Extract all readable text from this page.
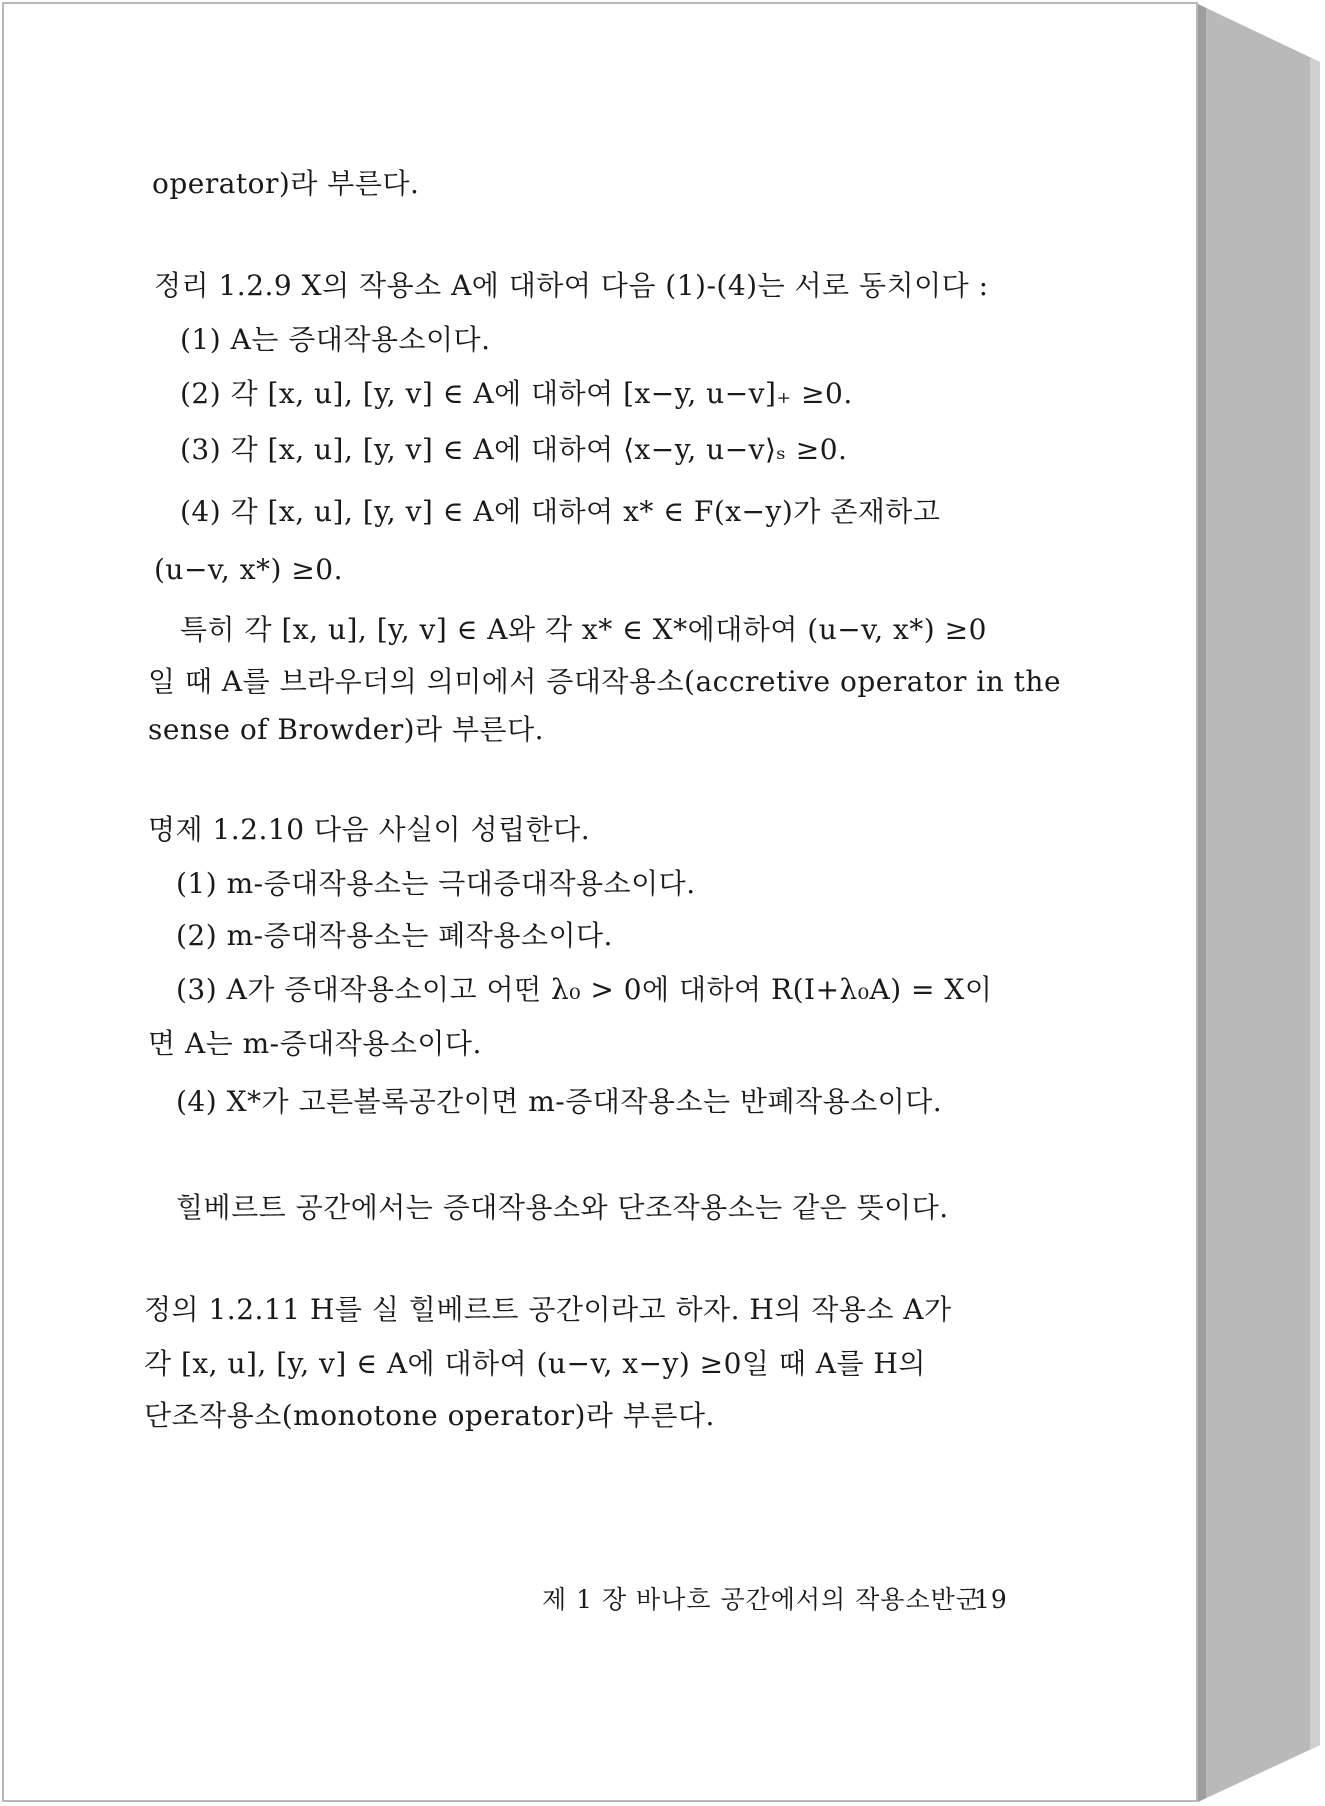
operator)라 부른다.
정리 1.2.9 X의 작용소 A에 대하여 다음 (1)-(4)는 서로 동치이다 :
(1) A는 증대작용소이다.
(2) 각 [x, u], [y, v] ∈ A에 대하여 [x−y, u−v]₊ ≥0.
(3) 각 [x, u], [y, v] ∈ A에 대하여 ⟨x−y, u−v⟩ₛ ≥0.
(4) 각 [x, u], [y, v] ∈ A에 대하여 x* ∈ F(x−y)가 존재하고
(u−v, x*) ≥0.
특히 각 [x, u], [y, v] ∈ A와 각 x* ∈ X*에대하여 (u−v, x*) ≥0
일 때 A를 브라우더의 의미에서 증대작용소(accretive operator in the
sense of Browder)라 부른다.
명제 1.2.10 다음 사실이 성립한다.
(1) m-증대작용소는 극대증대작용소이다.
(2) m-증대작용소는 폐작용소이다.
(3) A가 증대작용소이고 어떤 λ₀ > 0에 대하여 R(I+λ₀A) = X이
면 A는 m-증대작용소이다.
(4) X*가 고른볼록공간이면 m-증대작용소는 반폐작용소이다.
힐베르트 공간에서는 증대작용소와 단조작용소는 같은 뜻이다.
정의 1.2.11 H를 실 힐베르트 공간이라고 하자. H의 작용소 A가
각 [x, u], [y, v] ∈ A에 대하여 (u−v, x−y) ≥0일 때 A를 H의
단조작용소(monotone operator)라 부른다.
제 1 장 바나흐 공간에서의 작용소반군
19
